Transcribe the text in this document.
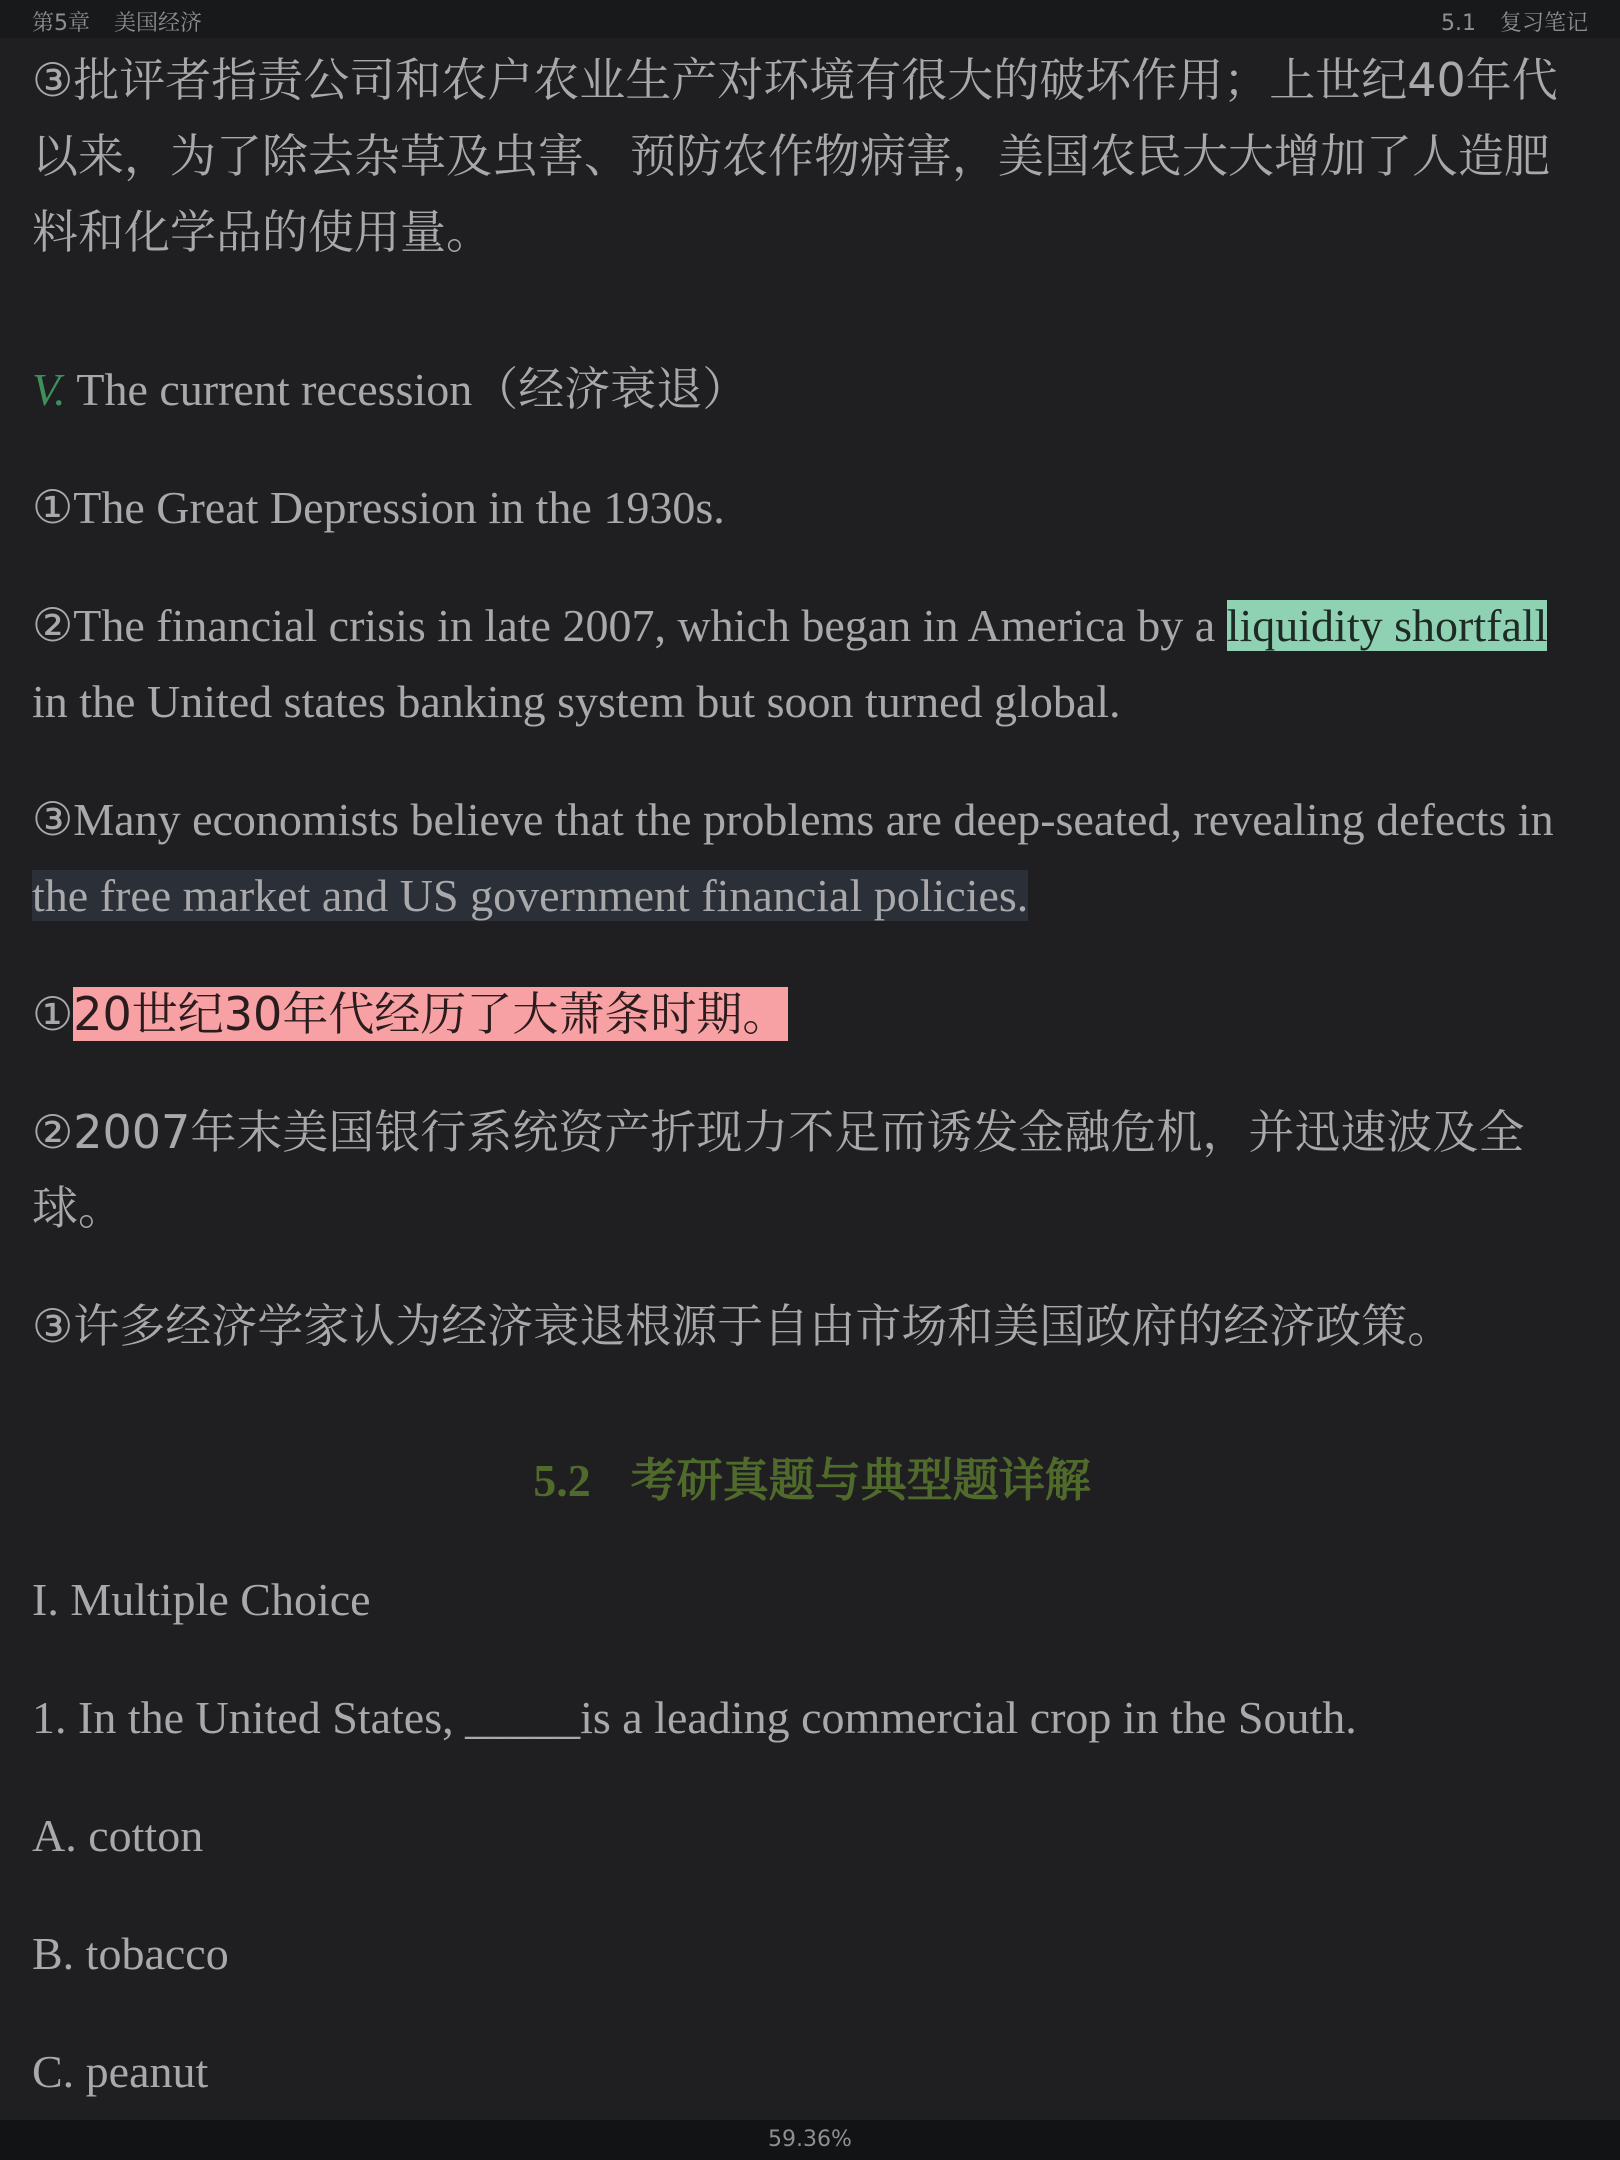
第5章 美国经济	5.1 复习笔记

③批评者指责公司和农户农业生产对环境有很大的破坏作用；上世纪40年代以来，为了除去杂草及虫害、预防农作物病害，美国农民大大增加了人造肥料和化学品的使用量。

V. The current recession（经济衰退）

①The Great Depression in the 1930s.

②The financial crisis in late 2007, which began in America by a liquidity shortfall in the United states banking system but soon turned global.

③Many economists believe that the problems are deep-seated, revealing defects in the free market and US government financial policies.

①20世纪30年代经历了大萧条时期。

②2007年末美国银行系统资产折现力不足而诱发金融危机，并迅速波及全球。

③许多经济学家认为经济衰退根源于自由市场和美国政府的经济政策。

5.2 考研真题与典型题详解

I. Multiple Choice

1. In the United States, _____is a leading commercial crop in the South.

A. cotton

B. tobacco

C. peanut

59.36%
